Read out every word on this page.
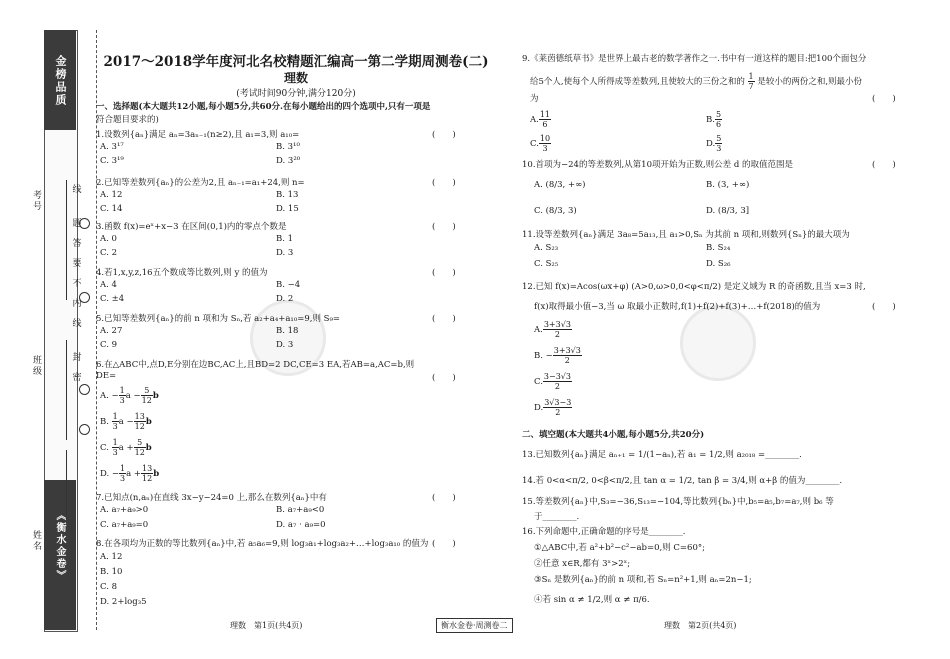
金榜品质
《衡水金卷》
考号
班级
姓名
线
题
答
要
不
内
线
封
密
2017～2018学年度河北名校精题汇编高一第二学期周测卷(二)
理数
(考试时间90分钟,满分120分)
一、选择题(本大题共12小题,每小题5分,共60分.在每小题给出的四个选项中,只有一项是
符合题目要求的)
1.设数列{aₙ}满足 aₙ=3aₙ₋₁(n≥2),且 a₁=3,则 a₁₀=	(　　)
A. 3¹⁷	B. 3¹⁰
C. 3¹⁹	D. 3²⁰
2.已知等差数列{aₙ}的公差为2,且 aₙ₋₁=a₁+24,则 n=	(　　)
A. 12	B. 13
C. 14	D. 15
3.函数 f(x)=eˣ+x−3 在区间(0,1)内的零点个数是	(　　)
A. 0	B. 1
C. 2	D. 3
4.若1,x,y,z,16五个数成等比数列,则 y 的值为	(　　)
A. 4	B. −4
C. ±4	D. 2
5.已知等差数列{aₙ}的前 n 项和为 Sₙ,若 a₂+a₄+a₁₀=9,则 S₉=	(　　)
A. 27	B. 18
C. 9	D. 3
6.在△ABC中,点D,E分别在边BC,AC上,且BD=2 DC,CE=3 EA,若AB=a,AC=b,则
DE=	(　　)
A. − $\frac{1}{3}$ $a - \frac{5}{12}$ b
B. $\frac{1}{3}$ $a - \frac{13}{12}$ b
C. $\frac{1}{3}$ $a + \frac{5}{12}$ b
D. − $\frac{1}{3}$ $a + \frac{13}{12}$ b
7.已知点(n,aₙ)在直线 3x−y−24=0 上,那么在数列{aₙ}中有	(　　)
A. a₇+a₉>0	B. a₇+a₉<0
C. a₇+a₉=0	D. a₇ · a₉=0
8.在各项均为正数的等比数列{aₙ}中,若 a₅a₆=9,则 log₃a₁+log₃a₂+…+log₃a₁₀ 的值为 (　　)
A. 12
B. 10
C. 8
D. 2+log₃5
9.《莱茵德纸草书》是世界上最古老的数学著作之一.书中有一道这样的题目:把100个面包分
给5个人,使每个人所得成等差数列,且使较大的三份之和的 $\frac{1}{7}$ 是较小的两份之和,则最小份
为	(　　)
A. $\frac{11}{6}$	B. $\frac{5}{6}$
C. $\frac{10}{3}$	D. $\frac{5}{3}$
10.首项为−24的等差数列,从第10项开始为正数,则公差 d 的取值范围是	(　　)
A. (8/3, +∞)	B. (3, +∞)
C. (8/3, 3)	D. (8/3, 3]
11.设等差数列{aₙ}满足 3a₈=5a₁₃,且 a₁>0,Sₙ 为其前 n 项和,则数列{Sₙ}的最大项为
A. S₂₃	B. S₂₄
C. S₂₅	D. S₂₆
12.已知 f(x)=Acos(ωx+φ) (A>0,ω>0,0<φ<π/2) 是定义域为 R 的奇函数,且当 x=3 时,
f(x)取得最小值−3,当 ω 取最小正数时,f(1)+f(2)+f(3)+…+f(2018)的值为	(　　)
A. $\frac{3+3√3}{2}$
B. − $\frac{3+3√3}{2}$
C. $\frac{3-3√3}{2}$
D. $\frac{3√3-3}{2}$
二、填空题(本大题共4小题,每小题5分,共20分)
13.已知数列{aₙ}满足 aₙ₊₁ = 1/(1−aₙ),若 a₁ = 1/2,则 a₂₀₁₈ =________.
14.若 0<α<π/2, 0<β<π/2,且 tan α = 1/2, tan β = 3/4,则 α+β 的值为________.
15.等差数列{aₙ}中,S₃=−36,S₁₃=−104,等比数列{bₙ}中,b₅=a₅,b₇=a₇,则 b₆ 等
于________.
16.下列命题中,正确命题的序号是________.
①△ABC中,若 a²+b²−c²−ab=0,则 C=60°;
②任意 x∈R,都有 3ˣ>2ˣ;
③Sₙ 是数列{aₙ}的前 n 项和,若 Sₙ=n²+1,则 aₙ=2n−1;
④若 sin α ≠ 1/2,则 α ≠ π/6.
理数　第1页(共4页)	衡水金卷·周测卷二	理数　第2页(共4页)
